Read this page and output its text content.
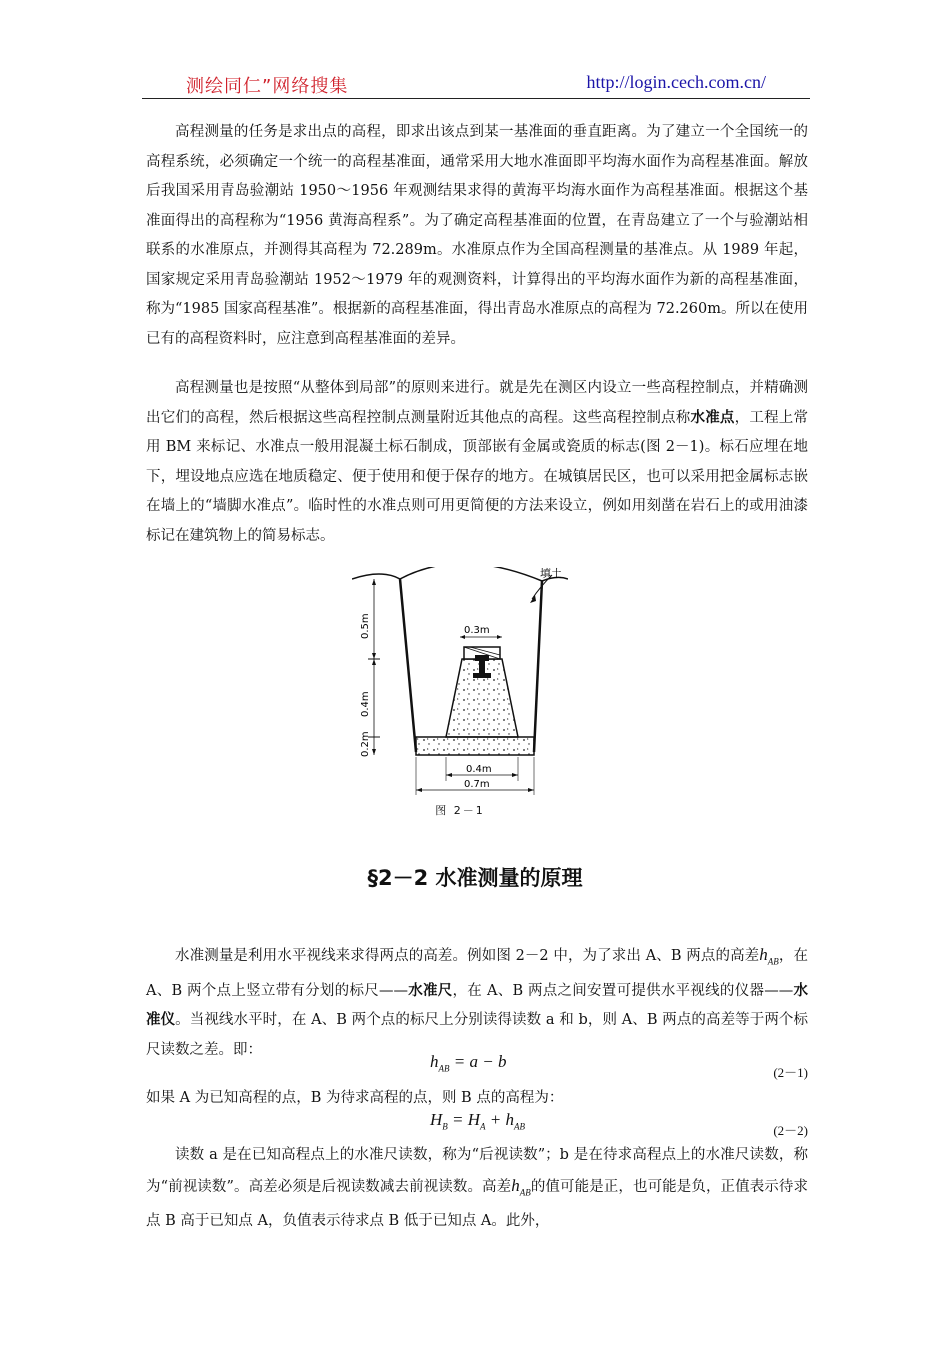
测绘同仁”网络搜集	http://login.cech.com.cn/

高程测量的任务是求出点的高程，即求出该点到某一基准面的垂直距离。为了建立一个全国统一的高程系统，必须确定一个统一的高程基准面，通常采用大地水准面即平均海水面作为高程基准面。解放后我国采用青岛验潮站 1950～1956 年观测结果求得的黄海平均海水面作为高程基准面。根据这个基准面得出的高程称为“1956 黄海高程系”。为了确定高程基准面的位置，在青岛建立了一个与验潮站相联系的水准原点，并测得其高程为 72.289m。水准原点作为全国高程测量的基准点。从 1989 年起，国家规定采用青岛验潮站 1952～1979 年的观测资料，计算得出的平均海水面作为新的高程基准面，称为“1985 国家高程基准”。根据新的高程基准面，得出青岛水准原点的高程为 72.260m。所以在使用已有的高程资料时，应注意到高程基准面的差异。

高程测量也是按照“从整体到局部”的原则来进行。就是先在测区内设立一些高程控制点，并精确测出它们的高程，然后根据这些高程控制点测量附近其他点的高程。这些高程控制点称水准点，工程上常用 BM 来标记、水准点一般用混凝土标石制成，顶部嵌有金属或瓷质的标志(图 2－1)。标石应埋在地下，埋设地点应选在地质稳定、便于使用和便于保存的地方。在城镇居民区，也可以采用把金属标志嵌在墙上的“墙脚水准点”。临时性的水准点则可用更简便的方法来设立，例如用刻凿在岩石上的或用油漆标记在建筑物上的简易标志。

填土
0.3m
0.5m
0.4m
0.2m
0.4m
0.7m
图 2－1
§2－2 水准测量的原理

水准测量是利用水平视线来求得两点的高差。例如图 2－2 中，为了求出 A、B 两点的高差$h_{AB}$，在 A、B 两个点上竖立带有分划的标尺——水准尺，在 A、B 两点之间安置可提供水平视线的仪器——水准仪。当视线水平时，在 A、B 两个点的标尺上分别读得读数 a 和 b，则 A、B 两点的高差等于两个标尺读数之差。即：

$h_{AB} = a - b$
(2－1)

如果 A 为已知高程的点，B 为待求高程的点，则 B 点的高程为：

$H_B = H_A + h_{AB}$	(2－2)

读数 a 是在已知高程点上的水准尺读数，称为“后视读数”；b 是在待求高程点上的水准尺读数，称为“前视读数”。高差必须是后视读数减去前视读数。高差$h_{AB}$的值可能是正，也可能是负，正值表示待求点 B 高于已知点 A，负值表示待求点 B 低于已知点 A。此外，
